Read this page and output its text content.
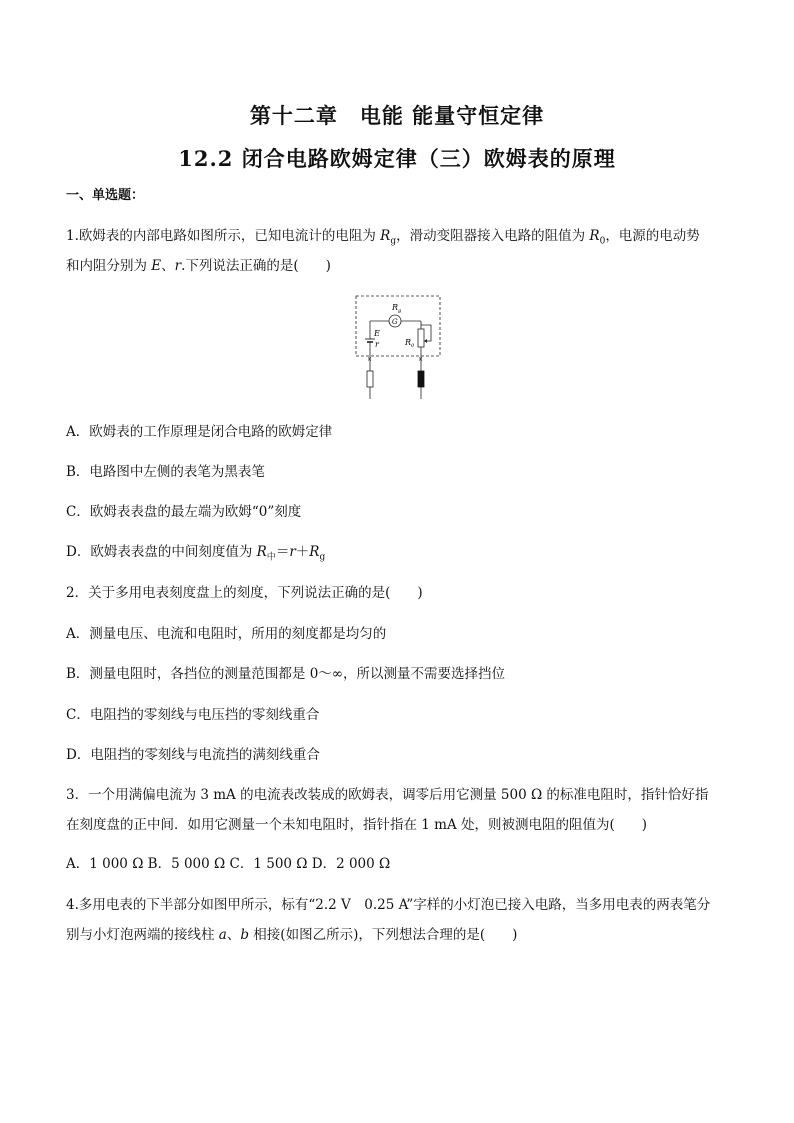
第十二章　电能 能量守恒定律
12.2 闭合电路欧姆定律（三）欧姆表的原理
一、单选题：
1.欧姆表的内部电路如图所示，已知电流计的电阻为 $R_g$，滑动变阻器接入电路的阻值为 $R_0$，电源的电动势
和内阻分别为 E、r.下列说法正确的是(　　)
G
R g
E
r	R 0
×	×
A．欧姆表的工作原理是闭合电路的欧姆定律
B．电路图中左侧的表笔为黑表笔
C．欧姆表表盘的最左端为欧姆“0”刻度
D．欧姆表表盘的中间刻度值为 $R_中=r+R_g$
2．关于多用电表刻度盘上的刻度，下列说法正确的是(　　)
A．测量电压、电流和电阻时，所用的刻度都是均匀的
B．测量电阻时，各挡位的测量范围都是 0～∞，所以测量不需要选择挡位
C．电阻挡的零刻线与电压挡的零刻线重合
D．电阻挡的零刻线与电流挡的满刻线重合
3．一个用满偏电流为 3 mA 的电流表改装成的欧姆表，调零后用它测量 500 Ω 的标准电阻时，指针恰好指
在刻度盘的正中间．如用它测量一个未知电阻时，指针指在 1 mA 处，则被测电阻的阻值为(　　)
A．1 000 Ω B．5 000 Ω C．1 500 Ω D．2 000 Ω
4.多用电表的下半部分如图甲所示，标有“2.2 V　0.25 A”字样的小灯泡已接入电路，当多用电表的两表笔分
别与小灯泡两端的接线柱 a、b 相接(如图乙所示)，下列想法合理的是(　　)
